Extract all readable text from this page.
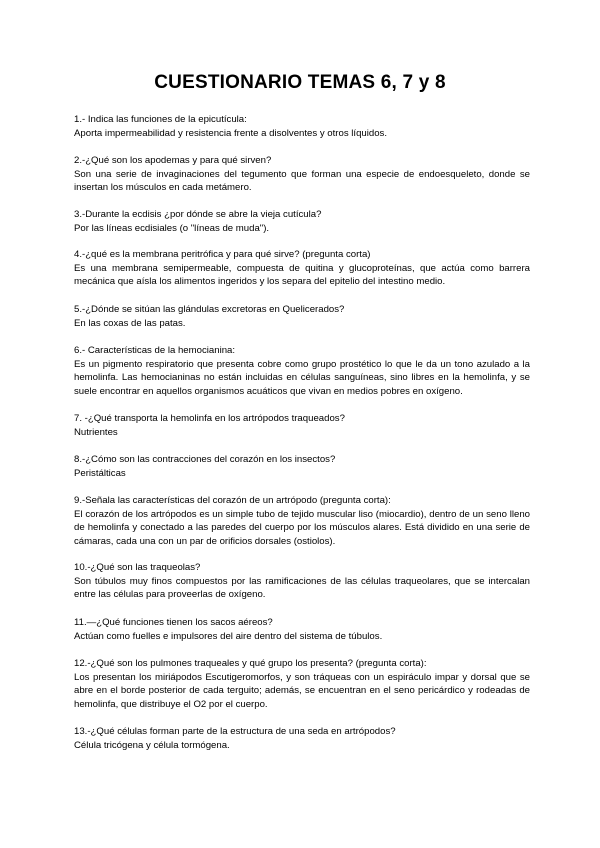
CUESTIONARIO TEMAS 6, 7 y 8

1.- Indica las funciones de la epicutícula:

Aporta impermeabilidad y resistencia frente a disolventes y otros líquidos.

2.-¿Qué son los apodemas y para qué sirven?

Son una serie de invaginaciones del tegumento que forman una especie de endoesqueleto, donde se insertan los músculos en cada metámero.

3.-Durante la ecdisis ¿por dónde se abre la vieja cutícula?

Por las líneas ecdisiales (o "líneas de muda").

4.-¿qué es la membrana peritrófica y para qué sirve? (pregunta corta)

Es una membrana semipermeable, compuesta de quitina y glucoproteínas, que actúa como barrera mecánica que aísla los alimentos ingeridos y los separa del epitelio del intestino medio.

5.-¿Dónde se sitúan las glándulas excretoras en Quelicerados?

En las coxas de las patas.

6.- Características de la hemocianina:

Es un pigmento respiratorio que presenta cobre como grupo prostético lo que le da un tono azulado a la hemolinfa. Las hemocianinas no están incluidas en células sanguíneas, sino libres en la hemolinfa, y se suele encontrar en aquellos organismos acuáticos que vivan en medios pobres en oxígeno.

7. -¿Qué transporta la hemolinfa en los artrópodos traqueados?

Nutrientes

8.-¿Cómo son las contracciones del corazón en los insectos?

Peristálticas

9.-Señala las características del corazón de un artrópodo (pregunta corta):

El corazón de los artrópodos es un simple tubo de tejido muscular liso (miocardio), dentro de un seno lleno de hemolinfa y conectado a las paredes del cuerpo por los músculos alares. Está dividido en una serie de cámaras, cada una con un par de orificios dorsales (ostiolos).

10.-¿Qué son las traqueolas?

Son túbulos muy finos compuestos por las ramificaciones de las células traqueolares, que se intercalan entre las células para proveerlas de oxígeno.

11.—¿Qué funciones tienen los sacos aéreos?

Actúan como fuelles e impulsores del aire dentro del sistema de túbulos.

12.-¿Qué son los pulmones traqueales y qué grupo los presenta? (pregunta corta):

Los presentan los miriápodos Escutigeromorfos, y son tráqueas con un espiráculo impar y dorsal que se abre en el borde posterior de cada terguito; además, se encuentran en el seno pericárdico y rodeadas de hemolinfa, que distribuye el O2 por el cuerpo.

13.-¿Qué células forman parte de la estructura de una seda en artrópodos?

Célula tricógena y célula tormógena.
